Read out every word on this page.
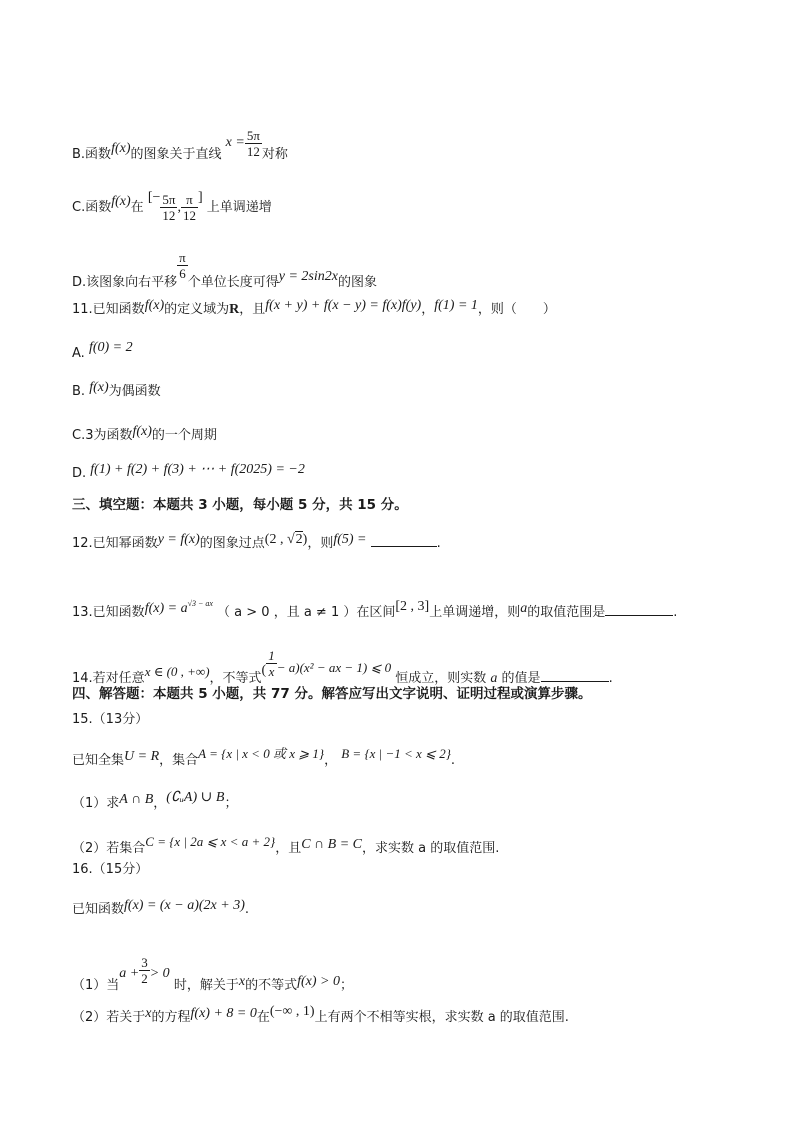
B.函数f(x)的图象关于直线 $x = \frac{5\pi}{12}$ 对称
C.函数f(x)在 [− $\frac{5\pi}{12}$ , $\frac{\pi}{12}$ ] 上单调递增
D.该图象向右平移
$\frac{\pi}{6}$
个单位长度可得y = 2sin2x的图象
11.已知函数f(x)的定义域为R，且f(x + y) + f(x − y) = f(x)f(y)，f(1) = 1，则（　　）
A. f(0) = 2
B. f(x)为偶函数
C.3为函数f(x)的一个周期
D. f(1) + f(2) + f(3) + ⋯ + f(2025) = −2
三、填空题：本题共 3 小题，每小题 5 分，共 15 分。
12.已知幂函数y = f(x)的图象过点(2 , √2)，则f(5) =	.
13.已知函数$f(x) = a^{√3 - ax}$ （ a > 0 ，且 a ≠ 1 ）在区间[2 , 3]上单调递增，则a的取值范围是	.
14.若对任意x ∈ (0 , +∞)，不等式( $\frac{1}{x} - a)(x^2$ − ax − 1) ⩽ 0 恒成立，则实数 a 的值是	.
四、解答题：本题共 5 小题，共 77 分。解答应写出文字说明、证明过程或演算步骤。
15.（13分）
已知全集U = R，集合A = {x | x < 0 或 x ⩾ 1}， B = {x | −1 < x ⩽ 2}.
（1）求A ∩ B，(∁ᵤA) ∪ B；
（2）若集合C = {x | 2a ⩽ x < a + 2}，且C ∩ B = C，求实数 a 的取值范围.
16.（15分）
已知函数f(x) = (x − a)(2x + 3).
（1）当$a + \frac{3}{2} > 0$ 时，解关于x的不等式f(x) > 0；
（2）若关于x的方程f(x) + 8 = 0在(−∞ , 1)上有两个不相等实根，求实数 a 的取值范围.
